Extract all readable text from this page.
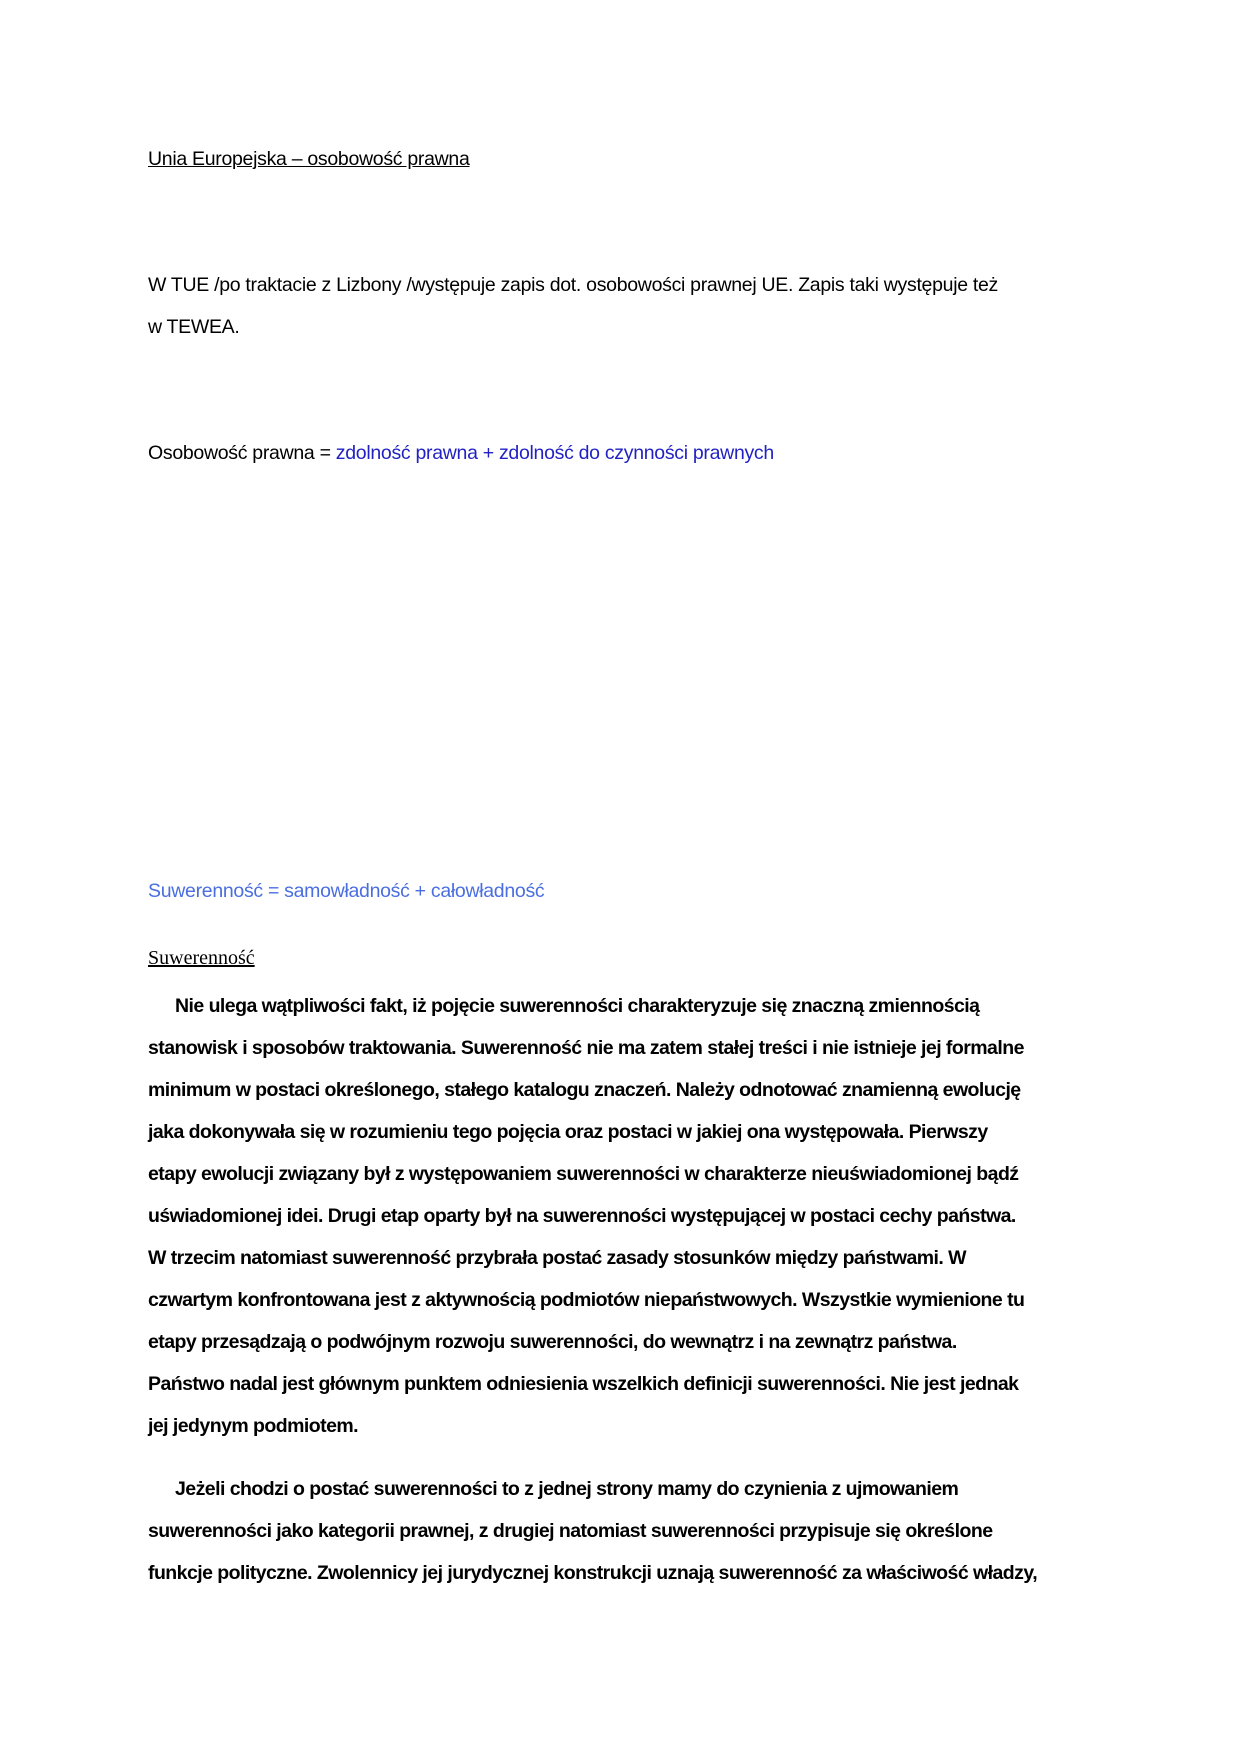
Unia Europejska – osobowość prawna
W TUE /po traktacie z Lizbony /występuje zapis dot. osobowości prawnej UE. Zapis taki występuje też
w TEWEA.
Osobowość prawna = zdolność prawna + zdolność do czynności prawnych
Suwerenność = samowładność + całowładność
Suwerenność
Nie ulega wątpliwości fakt, iż pojęcie suwerenności charakteryzuje się znaczną zmiennością
stanowisk i sposobów traktowania. Suwerenność nie ma zatem stałej treści i nie istnieje jej formalne
minimum w postaci określonego, stałego katalogu znaczeń. Należy odnotować znamienną ewolucję
jaka dokonywała się w rozumieniu tego pojęcia oraz postaci w jakiej ona występowała. Pierwszy
etapy ewolucji związany był z występowaniem suwerenności w charakterze nieuświadomionej bądź
uświadomionej idei. Drugi etap oparty był na suwerenności występującej w postaci cechy państwa.
W trzecim natomiast suwerenność przybrała postać zasady stosunków między państwami. W
czwartym konfrontowana jest z aktywnością podmiotów niepaństwowych. Wszystkie wymienione tu
etapy przesądzają o podwójnym rozwoju suwerenności, do wewnątrz i na zewnątrz państwa.
Państwo nadal jest głównym punktem odniesienia wszelkich definicji suwerenności. Nie jest jednak
jej jedynym podmiotem.
Jeżeli chodzi o postać suwerenności to z jednej strony mamy do czynienia z ujmowaniem
suwerenności jako kategorii prawnej, z drugiej natomiast suwerenności przypisuje się określone
funkcje polityczne. Zwolennicy jej jurydycznej konstrukcji uznają suwerenność za właściwość władzy,
